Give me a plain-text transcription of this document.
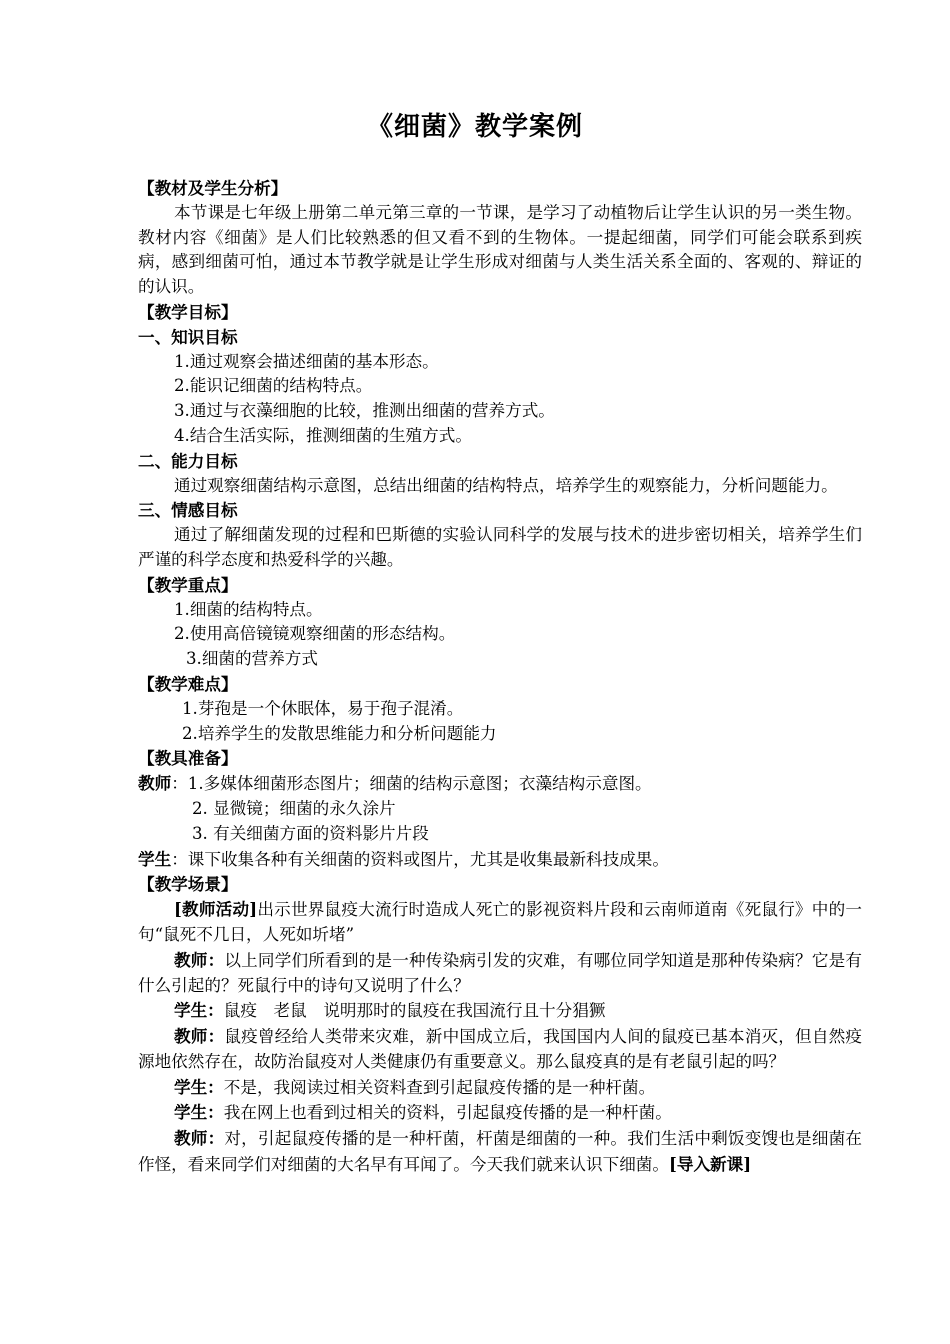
《细菌》教学案例

【教材及学生分析】

本节课是七年级上册第二单元第三章的一节课，是学习了动植物后让学生认识的另一类生物。教材内容《细菌》是人们比较熟悉的但又看不到的生物体。一提起细菌，同学们可能会联系到疾病，感到细菌可怕，通过本节教学就是让学生形成对细菌与人类生活关系全面的、客观的、辩证的的认识。

【教学目标】

一、知识目标

1.通过观察会描述细菌的基本形态。

2.能识记细菌的结构特点。

3.通过与衣藻细胞的比较，推测出细菌的营养方式。

4.结合生活实际，推测细菌的生殖方式。

二、能力目标

通过观察细菌结构示意图，总结出细菌的结构特点，培养学生的观察能力，分析问题能力。

三、情感目标

通过了解细菌发现的过程和巴斯德的实验认同科学的发展与技术的进步密切相关，培养学生们严谨的科学态度和热爱科学的兴趣。

【教学重点】

1.细菌的结构特点。

2.使用高倍镜镜观察细菌的形态结构。

3.细菌的营养方式

【教学难点】

1.芽孢是一个休眠体，易于孢子混淆。

2.培养学生的发散思维能力和分析问题能力

【教具准备】

教师：1.多媒体细菌形态图片；细菌的结构示意图；衣藻结构示意图。

2. 显微镜；细菌的永久涂片

3. 有关细菌方面的资料影片片段

学生：课下收集各种有关细菌的资料或图片，尤其是收集最新科技成果。

【教学场景】

[教师活动]出示世界鼠疫大流行时造成人死亡的影视资料片段和云南师道南《死鼠行》中的一句“鼠死不几日，人死如圻堵”

教师：以上同学们所看到的是一种传染病引发的灾难，有哪位同学知道是那种传染病？它是有什么引起的？死鼠行中的诗句又说明了什么？

学生：鼠疫　老鼠　说明那时的鼠疫在我国流行且十分猖獗

教师：鼠疫曾经给人类带来灾难，新中国成立后，我国国内人间的鼠疫已基本消灭，但自然疫源地依然存在，故防治鼠疫对人类健康仍有重要意义。那么鼠疫真的是有老鼠引起的吗？

学生：不是，我阅读过相关资料查到引起鼠疫传播的是一种杆菌。

学生：我在网上也看到过相关的资料，引起鼠疫传播的是一种杆菌。

教师：对，引起鼠疫传播的是一种杆菌，杆菌是细菌的一种。我们生活中剩饭变馊也是细菌在作怪，看来同学们对细菌的大名早有耳闻了。今天我们就来认识下细菌。[导入新课]
